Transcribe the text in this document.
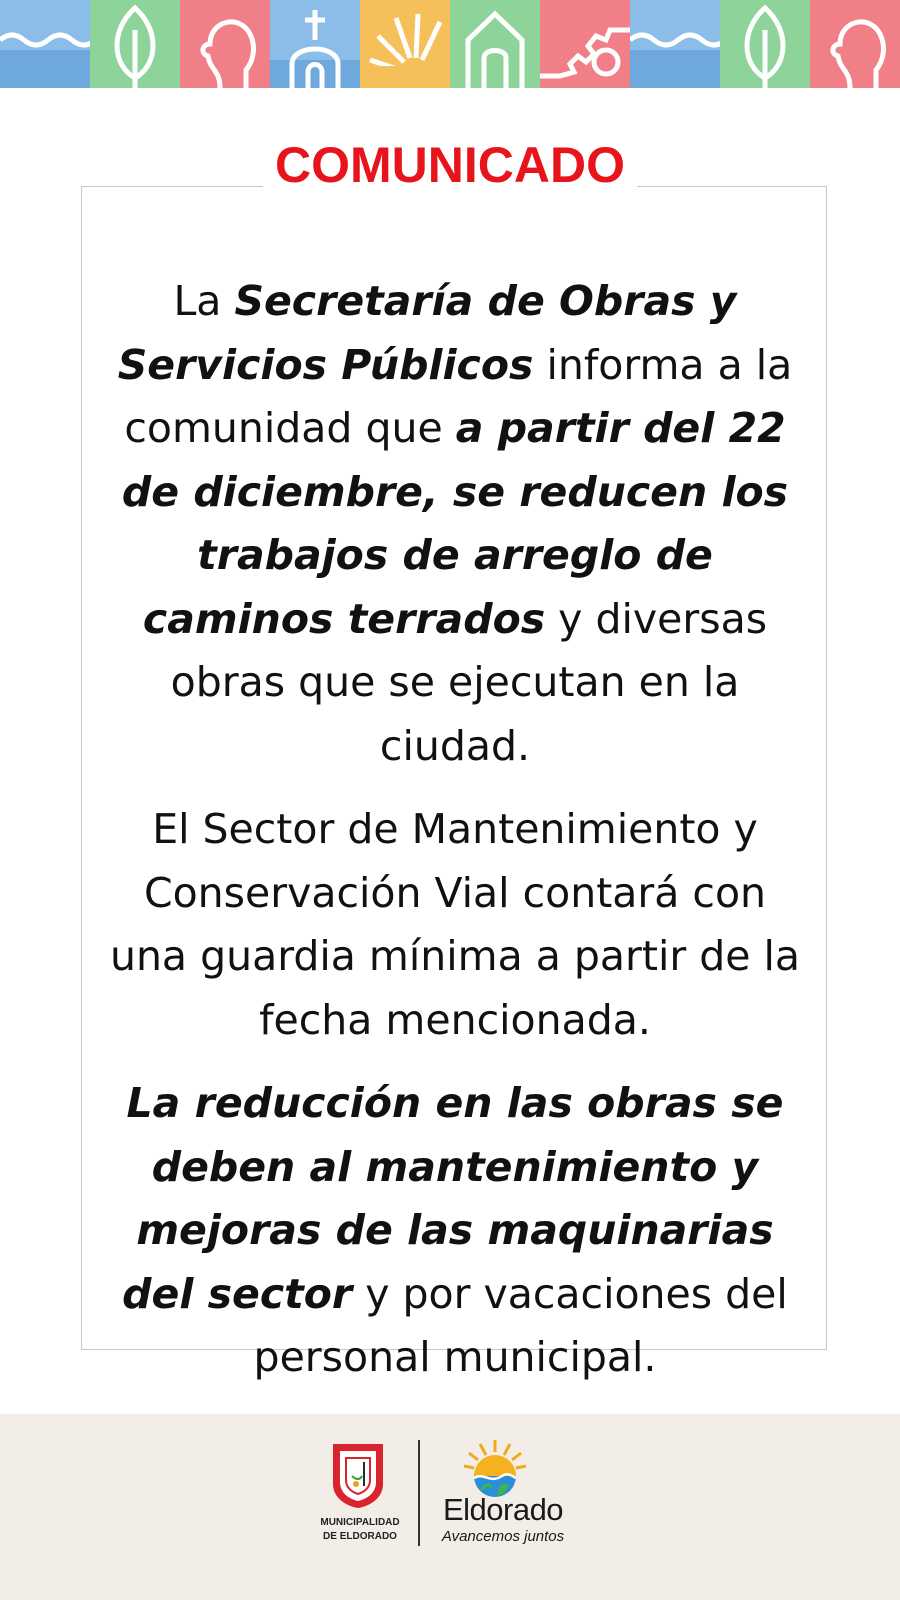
COMUNICADO

La Secretaría de Obras y Servicios Públicos informa a la comunidad que a partir del 22 de diciembre, se reducen los trabajos de arreglo de caminos terrados y diversas obras que se ejecutan en la ciudad.

El Sector de Mantenimiento y Conservación Vial contará con una guardia mínima a partir de la fecha mencionada.

La reducción en las obras se deben al mantenimiento y mejoras de las maquinarias del sector y por vacaciones del personal municipal.

MUNICIPALIDAD
DE ELDORADO
Eldorado
Avancemos juntos
